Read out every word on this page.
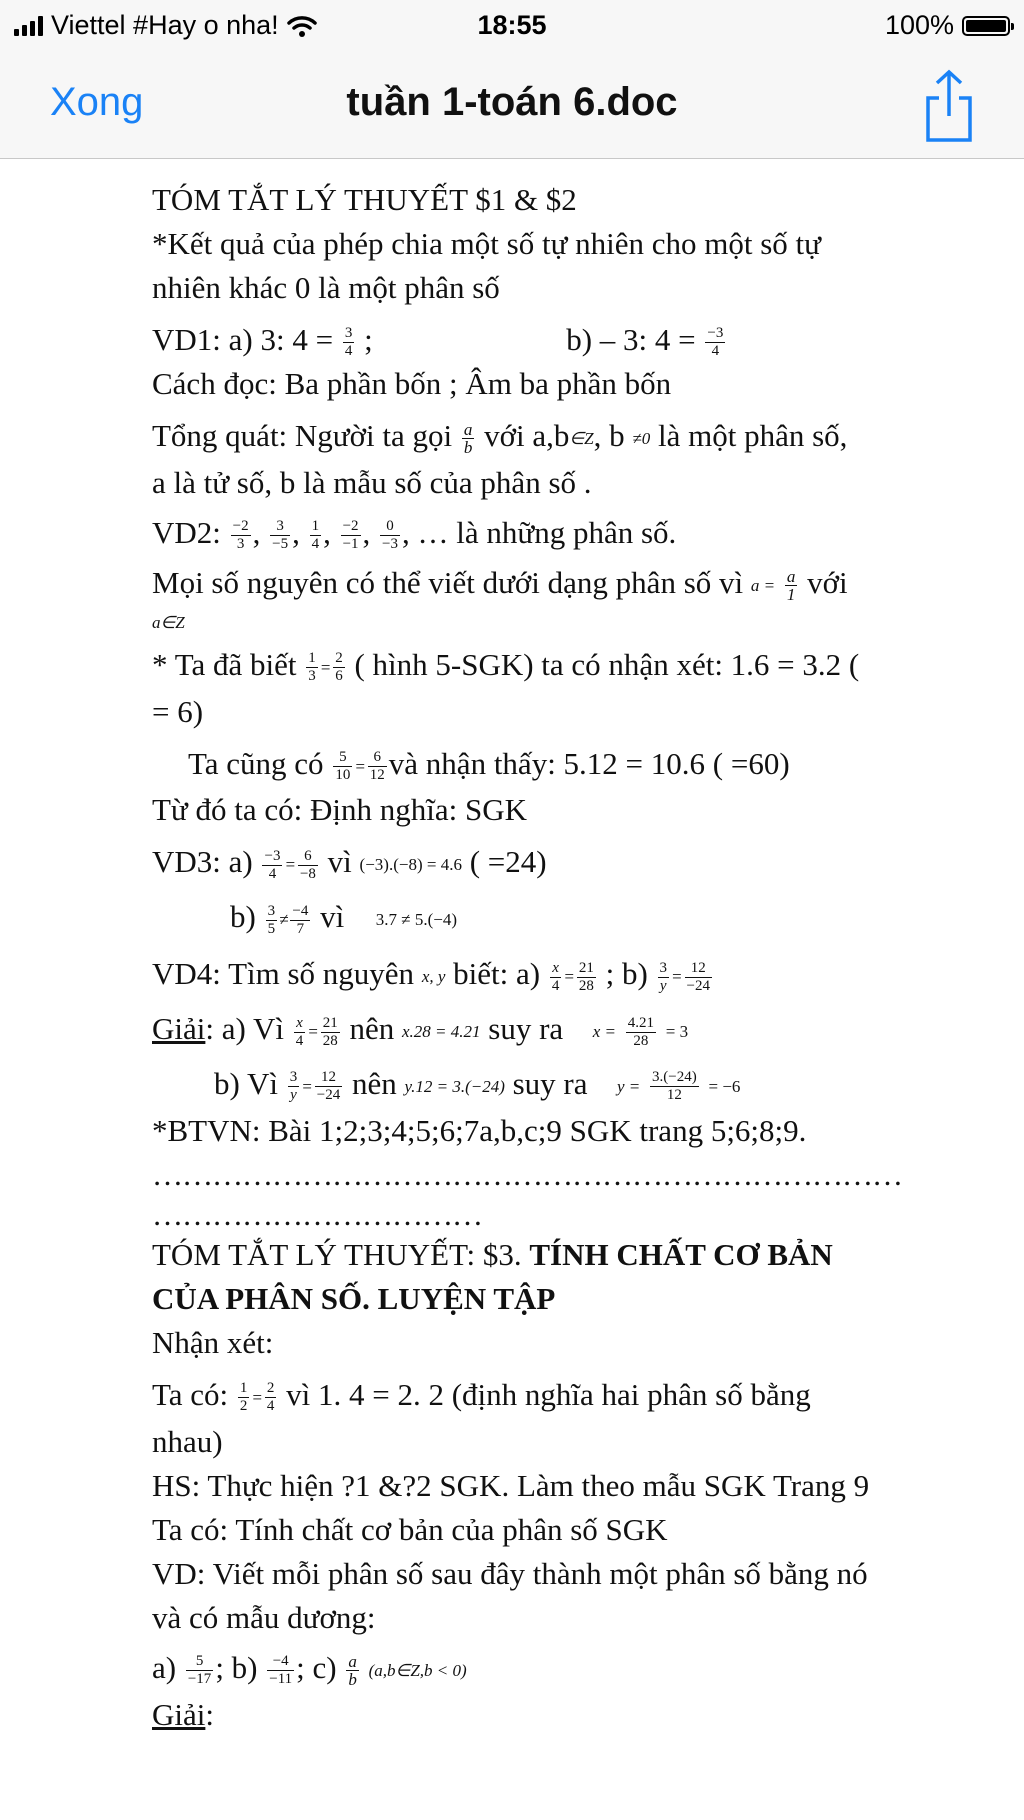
Viettel #Hay o nha!	18:55	100%
Xong	tuần 1-toán 6.doc
TÓM TẮT LÝ THUYẾT $1 & $2
*Kết quả của phép chia một số tự nhiên cho một số tự
nhiên khác 0 là một phân số
VD1: a) 3: $4 = \frac{3}{4}$ ;	b) – 3: $4 = \frac{-3}{4}$
Cách đọc: Ba phần bốn ; Âm ba phần bốn
Tổng quát: Người ta gọi $\frac{a}{b}$ với a,b∈Z, b ≠0 là một phân số,
a là tử số, b là mẫu số của phân số .
VD2: $\frac{-2}{3}$ , $\frac{3}{-5}$ , $\frac{1}{4}$ , $\frac{-2}{-1}$ , $\frac{0}{-3}$ , … là những phân số.
Mọi số nguyên có thể viết dưới dạng phân số vì $a = \frac{a}{1}$ với
a∈Z
* Ta đã biết $\frac{1}{3} = \frac{2}{6}$ ( hình 5-SGK) ta có nhận xét: 1.6 = 3.2 (
= 6)
Ta cũng có $\frac{5}{10} = \frac{6}{12}$ và nhận thấy: 5.12 = 10.6 ( =60)
Từ đó ta có: Định nghĩa: SGK
VD3: $a) \frac{-3}{4} = \frac{6}{-8}$ vì (−3).(−8) = 4.6 ( =24)
$b) \frac{3}{5} \ne \frac{-4}{7}$ vì 3.7 ≠ 5.(−4)
VD4: Tìm số nguyên x, y biết: $a) \frac{x}{4} = \frac{21}{28}$ ; $b) \frac{3}{y} = \frac{12}{-24}$
Giải: a) Vì $\frac{x}{4} = \frac{21}{28}$ nên x.28 = 4.21 suy ra $x = \frac{4.21}{28} = 3$
b) Vì $\frac{3}{y} = \frac{12}{-24}$ nên y.12 = 3.(−24) suy ra $y = \frac{3.(-24)}{12} = -6$
*BTVN: Bài 1;2;3;4;5;6;7a,b,c;9 SGK trang 5;6;8;9.
…………………………………………………………………
……………………………
TÓM TẮT LÝ THUYẾT: $3. TÍNH CHẤT CƠ BẢN
CỦA PHÂN SỐ. LUYỆN TẬP
Nhận xét:
Ta có: $\frac{1}{2} = \frac{2}{4}$ vì 1. 4 = 2. 2 (định nghĩa hai phân số bằng
nhau)
HS: Thực hiện ?1 &?2 SGK. Làm theo mẫu SGK Trang 9
Ta có: Tính chất cơ bản của phân số SGK
VD: Viết mỗi phân số sau đây thành một phân số bằng nó
và có mẫu dương:
$a) \frac{5}{-17}$ ; $b) \frac{-4}{-11}$ ; $c) \frac{a}{b}$ (a,b∈Z,b < 0)
Giải:
